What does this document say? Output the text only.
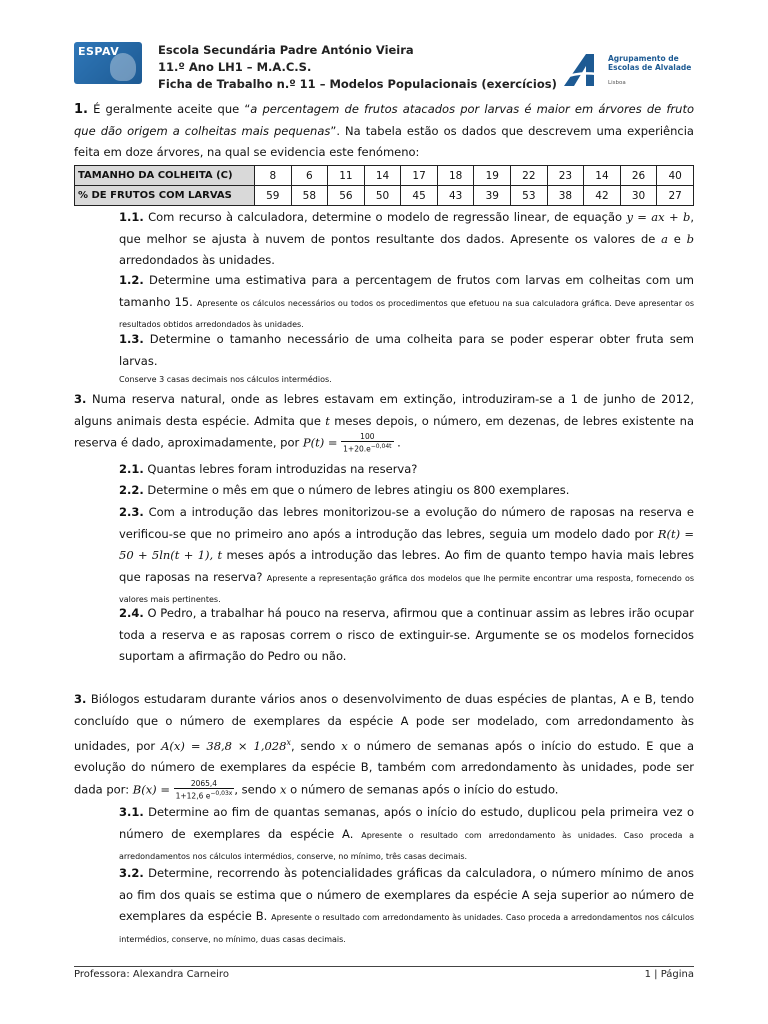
ESPAV	Escola Secundária Padre António Vieira
11.º Ano LH1 – M.A.C.S.
Ficha de Trabalho n.º 11 – Modelos Populacionais (exercícios)
Agrupamento de
Escolas de Alvalade
Lisboa
1. É geralmente aceite que “a percentagem de frutos atacados por larvas é maior em árvores de fruto que dão origem a colheitas mais pequenas”. Na tabela estão os dados que descrevem uma experiência feita em doze árvores, na qual se evidencia este fenómeno:
TAMANHO DA COLHEITA (C)	8	6	11	14	17	18	19	22	23	14	26	40
% DE FRUTOS COM LARVAS	59	58	56	50	45	43	39	53	38	42	30	27
1.1. Com recurso à calculadora, determine o modelo de regressão linear, de equação y = ax + b, que melhor se ajusta à nuvem de pontos resultante dos dados. Apresente os valores de a e b arredondados às unidades.
1.2. Determine uma estimativa para a percentagem de frutos com larvas em colheitas com um tamanho 15. Apresente os cálculos necessários ou todos os procedimentos que efetuou na sua calculadora gráfica. Deve apresentar os resultados obtidos arredondados às unidades.
1.3. Determine o tamanho necessário de uma colheita para se poder esperar obter fruta sem larvas.
Conserve 3 casas decimais nos cálculos intermédios.
3. Numa reserva natural, onde as lebres estavam em extinção, introduziram-se a 1 de junho de 2012, alguns animais desta espécie. Admita que t meses depois, o número, em dezenas, de lebres existente na reserva é dado, aproximadamente, por $P(t) = \frac{100}{1+20.e^{-0,04t}}$ .
2.1. Quantas lebres foram introduzidas na reserva?
2.2. Determine o mês em que o número de lebres atingiu os 800 exemplares.
2.3. Com a introdução das lebres monitorizou-se a evolução do número de raposas na reserva e verificou-se que no primeiro ano após a introdução das lebres, seguia um modelo dado por R(t) = 50 + 5ln(t + 1), t meses após a introdução das lebres. Ao fim de quanto tempo havia mais lebres que raposas na reserva? Apresente a representação gráfica dos modelos que lhe permite encontrar uma resposta, fornecendo os valores mais pertinentes.
2.4. O Pedro, a trabalhar há pouco na reserva, afirmou que a continuar assim as lebres irão ocupar toda a reserva e as raposas correm o risco de extinguir-se. Argumente se os modelos fornecidos suportam a afirmação do Pedro ou não.
3. Biólogos estudaram durante vários anos o desenvolvimento de duas espécies de plantas, A e B, tendo concluído que o número de exemplares da espécie A pode ser modelado, com arredondamento às unidades, por $A(x) = 38,8 \times 1,028^x$, sendo x o número de semanas após o início do estudo. E que a evolução do número de exemplares da espécie B, também com arredondamento às unidades, pode ser dada por: $B(x) = \frac{2065,4}{1+12,6 e^{-0,03x}}$ , sendo x o número de semanas após o início do estudo.
3.1. Determine ao fim de quantas semanas, após o início do estudo, duplicou pela primeira vez o número de exemplares da espécie A. Apresente o resultado com arredondamento às unidades. Caso proceda a arredondamentos nos cálculos intermédios, conserve, no mínimo, três casas decimais.
3.2. Determine, recorrendo às potencialidades gráficas da calculadora, o número mínimo de anos ao fim dos quais se estima que o número de exemplares da espécie A seja superior ao número de exemplares da espécie B. Apresente o resultado com arredondamento às unidades. Caso proceda a arredondamentos nos cálculos intermédios, conserve, no mínimo, duas casas decimais.
Professora: Alexandra Carneiro	1 | Página
